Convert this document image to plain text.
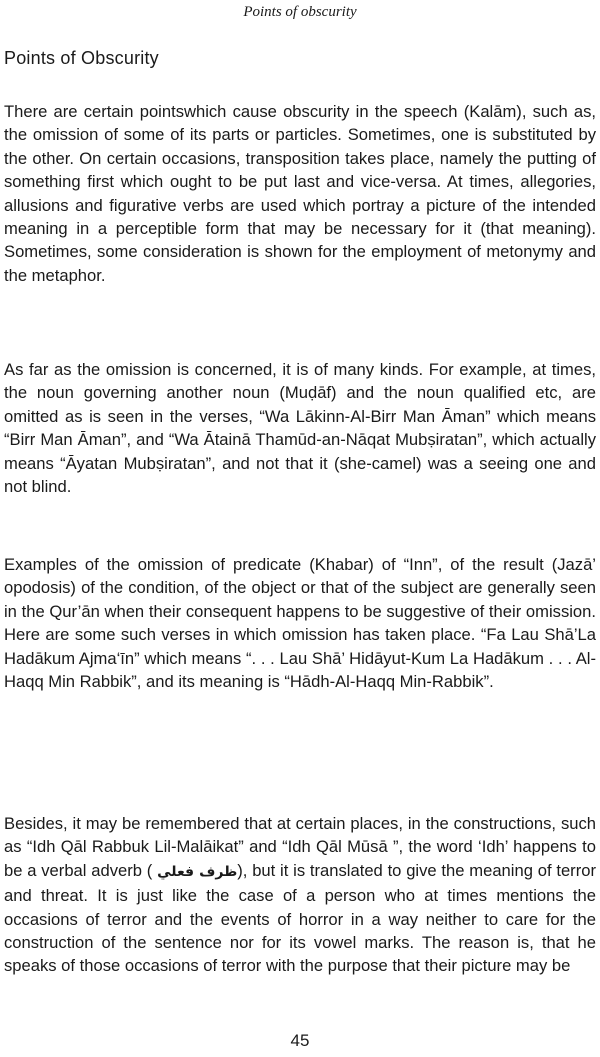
Points of obscurity
Points of Obscurity

There are certain pointswhich cause obscurity in the speech (Kalām), such as, the omission of some of its parts or particles. Sometimes, one is substituted by the other. On certain occasions, transposition takes place, namely the putting of something first which ought to be put last and vice-versa. At times, allegories, allusions and figurative verbs are used which portray a picture of the intended meaning in a perceptible form that may be necessary for it (that meaning). Sometimes, some consideration is shown for the employment of metonymy and the metaphor.

As far as the omission is concerned, it is of many kinds. For example, at times, the noun governing another noun (Muḍāf) and the noun qualified etc, are omitted as is seen in the verses, “Wa Lākinn-Al-Birr Man Āman” which means “Birr Man Āman”, and “Wa Ātainā Thamūd-an-Nāqat Mubṣiratan”, which actually means “Āyatan Mubṣiratan”, and not that it (she-camel) was a seeing one and not blind.

Examples of the omission of predicate (Khabar) of “Inn”, of the result (Jazā’ opodosis) of the condition, of the object or that of the subject are generally seen in the Qur’ān when their consequent happens to be suggestive of their omission. Here are some such verses in which omission has taken place. “Fa Lau Shā’La Hadākum Ajma‘īn” which means “. . . Lau Shā’ Hidāyut-Kum La Hadākum . . . Al-Haqq Min Rabbik”, and its meaning is “Hādh-Al-Haqq Min-Rabbik”.

Besides, it may be remembered that at certain places, in the constructions, such as “Idh Qāl Rabbuk Lil-Malāikat” and “Idh Qāl Mūsā ”, the word ‘Idh’ happens to be a verbal adverb ( ظرف فعلي), but it is translated to give the meaning of terror and threat. It is just like the case of a person who at times mentions the occasions of terror and the events of horror in a way neither to care for the construction of the sentence nor for its vowel marks. The reason is, that he speaks of those occasions of terror with the purpose that their picture may be

45
